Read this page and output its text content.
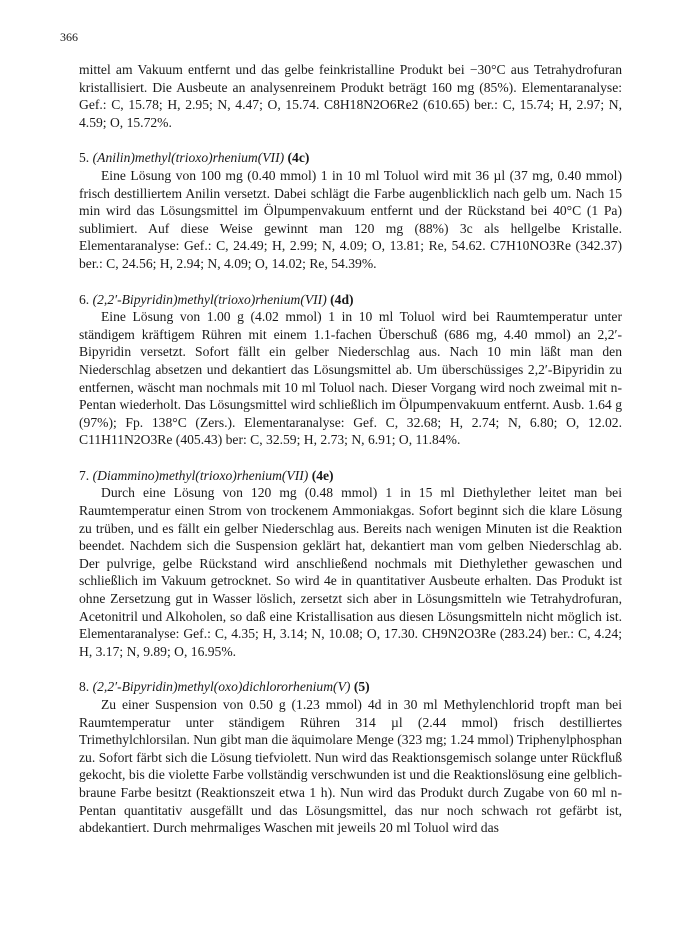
366

mittel am Vakuum entfernt und das gelbe feinkristalline Produkt bei −30°C aus Tetrahydrofuran kristallisiert. Die Ausbeute an analysenreinem Produkt beträgt 160 mg (85%). Elementaranalyse: Gef.: C, 15.78; H, 2.95; N, 4.47; O, 15.74. C8H18N2O6Re2 (610.65) ber.: C, 15.74; H, 2.97; N, 4.59; O, 15.72%.

5. (Anilin)methyl(trioxo)rhenium(VII) (4c)

Eine Lösung von 100 mg (0.40 mmol) 1 in 10 ml Toluol wird mit 36 µl (37 mg, 0.40 mmol) frisch destilliertem Anilin versetzt. Dabei schlägt die Farbe augenblicklich nach gelb um. Nach 15 min wird das Lösungsmittel im Ölpumpenvakuum entfernt und der Rückstand bei 40°C (1 Pa) sublimiert. Auf diese Weise gewinnt man 120 mg (88%) 3c als hellgelbe Kristalle. Elementaranalyse: Gef.: C, 24.49; H, 2.99; N, 4.09; O, 13.81; Re, 54.62. C7H10NO3Re (342.37) ber.: C, 24.56; H, 2.94; N, 4.09; O, 14.02; Re, 54.39%.

6. (2,2′-Bipyridin)methyl(trioxo)rhenium(VII) (4d)

Eine Lösung von 1.00 g (4.02 mmol) 1 in 10 ml Toluol wird bei Raumtemperatur unter ständigem kräftigem Rühren mit einem 1.1-fachen Überschuß (686 mg, 4.40 mmol) an 2,2′-Bipyridin versetzt. Sofort fällt ein gelber Niederschlag aus. Nach 10 min läßt man den Niederschlag absetzen und dekantiert das Lösungsmittel ab. Um überschüssiges 2,2′-Bipyridin zu entfernen, wäscht man nochmals mit 10 ml Toluol nach. Dieser Vorgang wird noch zweimal mit n-Pentan wiederholt. Das Lösungsmittel wird schließlich im Ölpumpenvakuum entfernt. Ausb. 1.64 g (97%); Fp. 138°C (Zers.). Elementaranalyse: Gef. C, 32.68; H, 2.74; N, 6.80; O, 12.02. C11H11N2O3Re (405.43) ber: C, 32.59; H, 2.73; N, 6.91; O, 11.84%.

7. (Diammino)methyl(trioxo)rhenium(VII) (4e)

Durch eine Lösung von 120 mg (0.48 mmol) 1 in 15 ml Diethylether leitet man bei Raumtemperatur einen Strom von trockenem Ammoniakgas. Sofort beginnt sich die klare Lösung zu trüben, und es fällt ein gelber Niederschlag aus. Bereits nach wenigen Minuten ist die Reaktion beendet. Nachdem sich die Suspension geklärt hat, dekantiert man vom gelben Niederschlag ab. Der pulvrige, gelbe Rückstand wird anschließend nochmals mit Diethylether gewaschen und schließlich im Vakuum getrocknet. So wird 4e in quantitativer Ausbeute erhalten. Das Produkt ist ohne Zersetzung gut in Wasser löslich, zersetzt sich aber in Lösungsmitteln wie Tetrahydrofuran, Acetonitril und Alkoholen, so daß eine Kristallisation aus diesen Lösungsmitteln nicht möglich ist. Elementaranalyse: Gef.: C, 4.35; H, 3.14; N, 10.08; O, 17.30. CH9N2O3Re (283.24) ber.: C, 4.24; H, 3.17; N, 9.89; O, 16.95%.

8. (2,2′-Bipyridin)methyl(oxo)dichlororhenium(V) (5)

Zu einer Suspension von 0.50 g (1.23 mmol) 4d in 30 ml Methylenchlorid tropft man bei Raumtemperatur unter ständigem Rühren 314 µl (2.44 mmol) frisch destilliertes Trimethylchlorsilan. Nun gibt man die äquimolare Menge (323 mg; 1.24 mmol) Triphenylphosphan zu. Sofort färbt sich die Lösung tiefviolett. Nun wird das Reaktionsgemisch solange unter Rückfluß gekocht, bis die violette Farbe vollständig verschwunden ist und die Reaktionslösung eine gelblich-braune Farbe besitzt (Reaktionszeit etwa 1 h). Nun wird das Produkt durch Zugabe von 60 ml n-Pentan quantitativ ausgefällt und das Lösungsmittel, das nur noch schwach rot gefärbt ist, abdekantiert. Durch mehrmaliges Waschen mit jeweils 20 ml Toluol wird das
